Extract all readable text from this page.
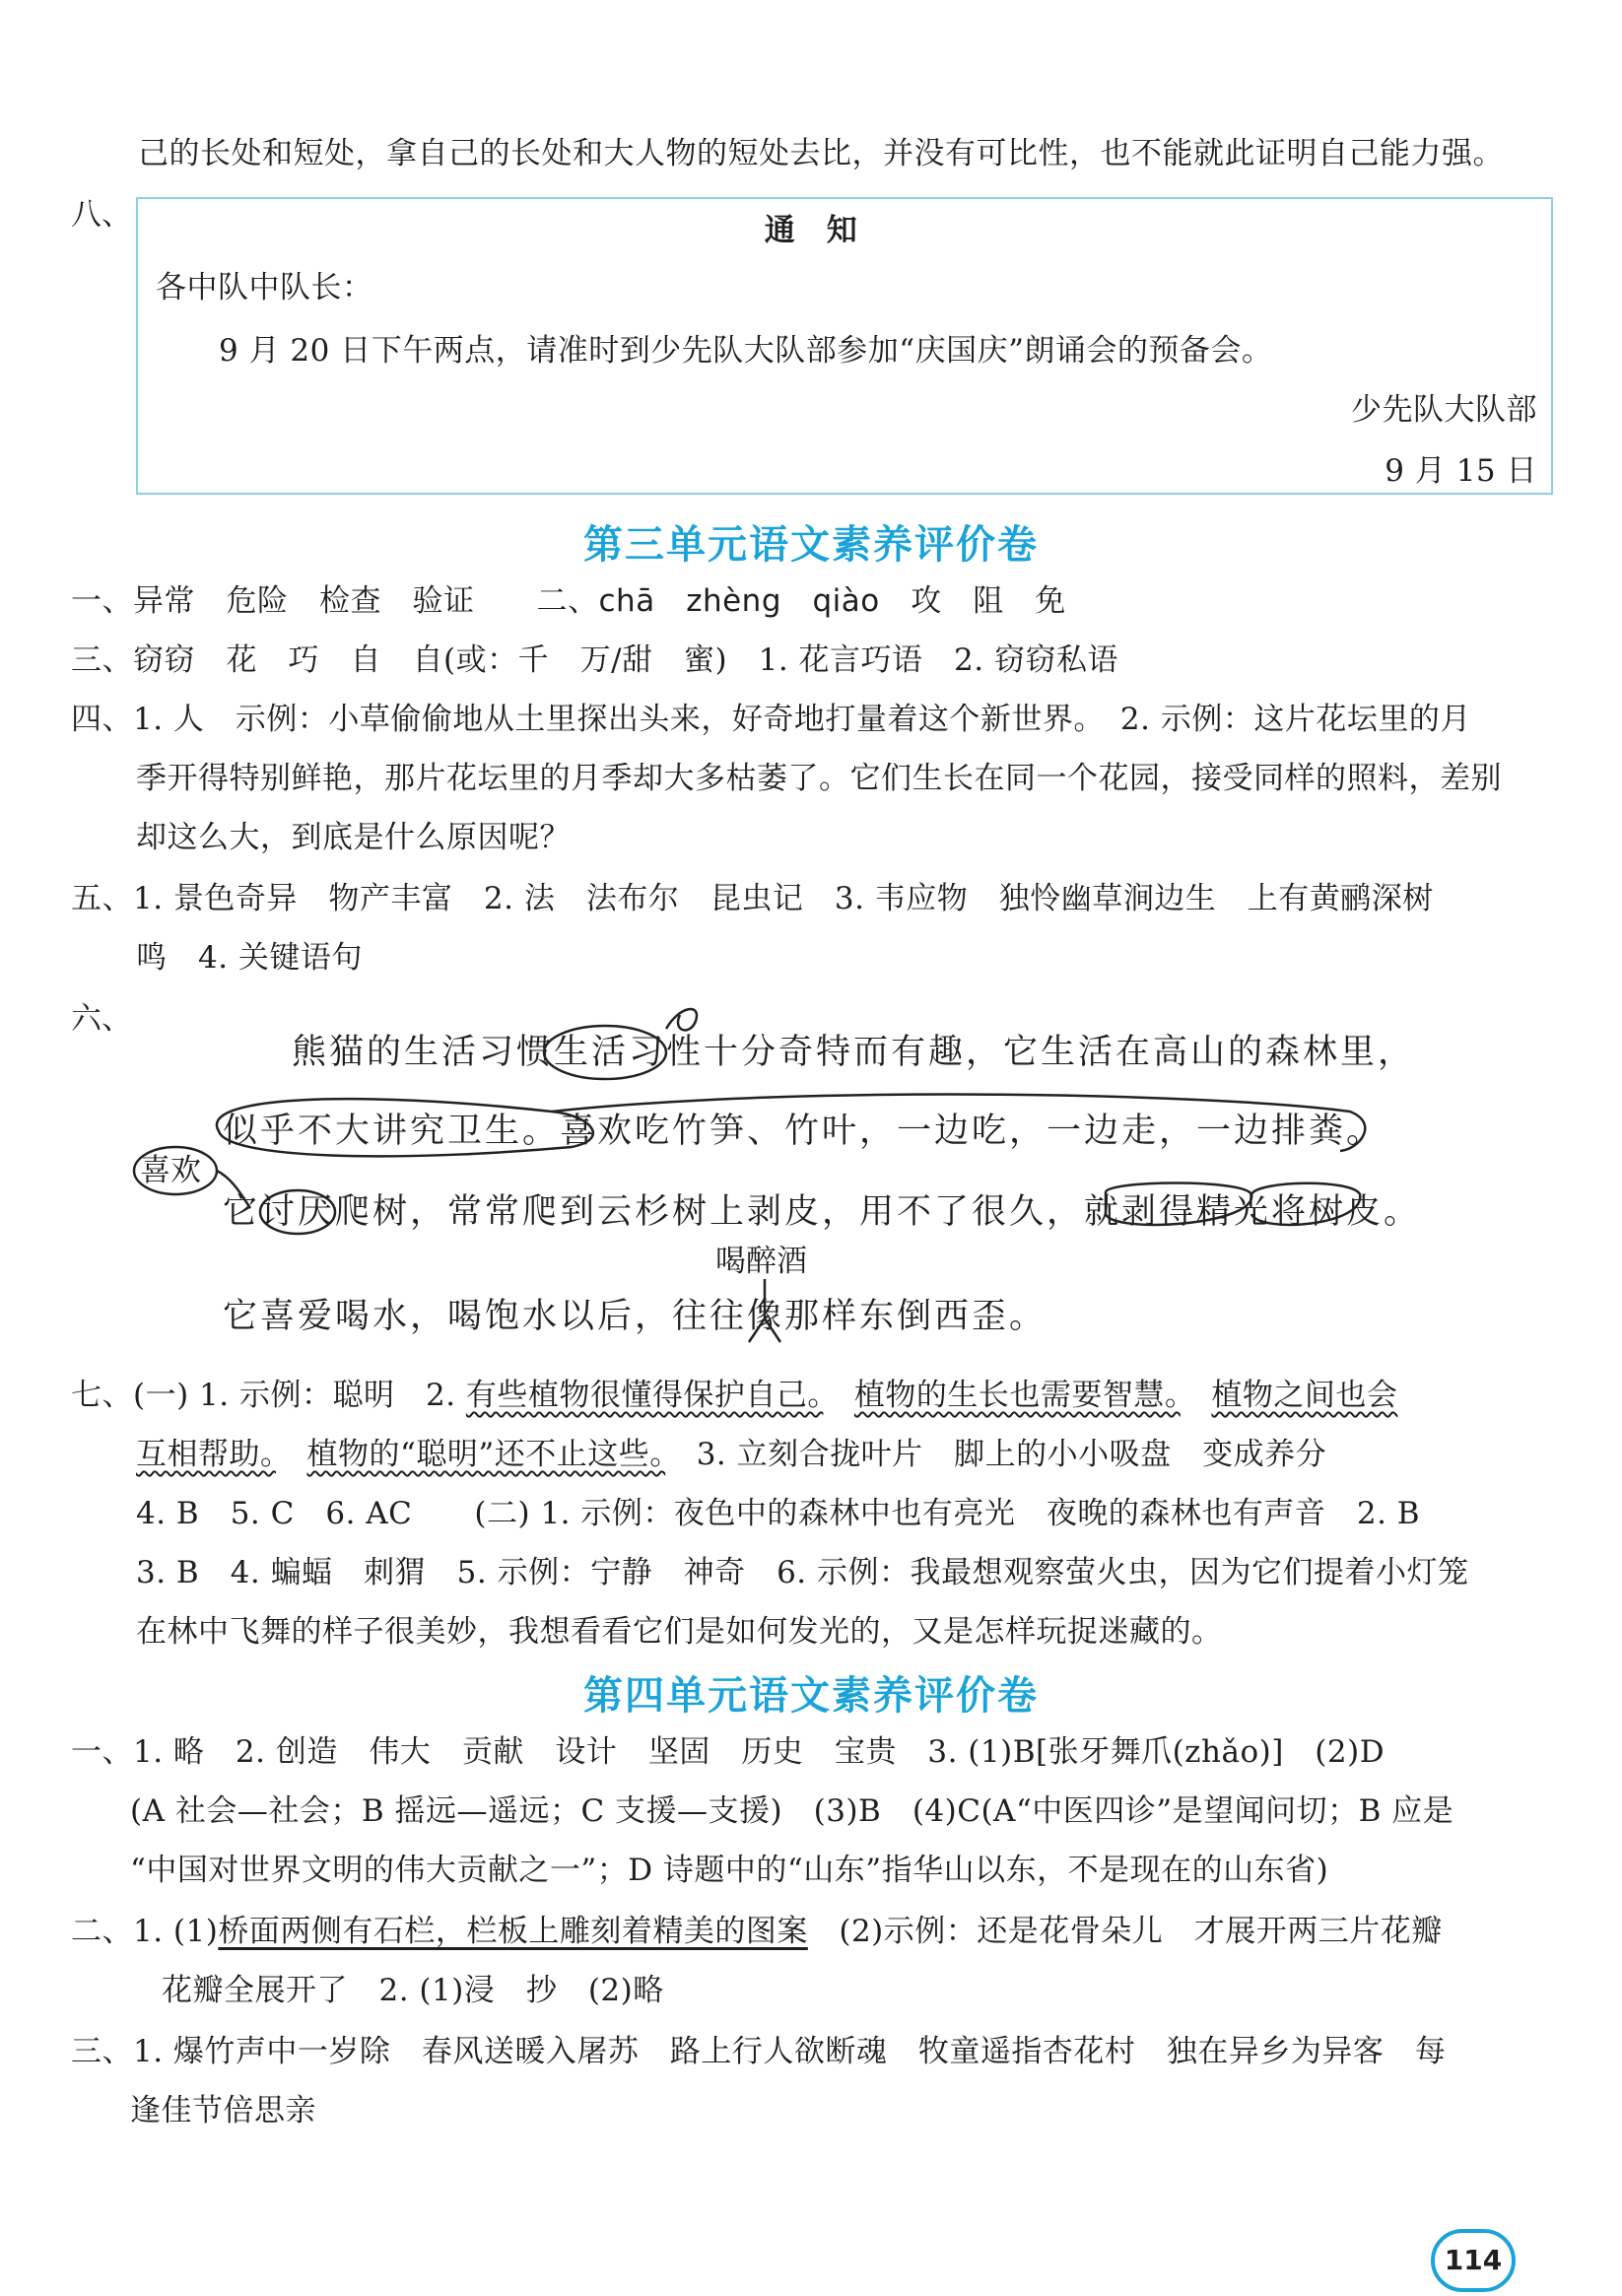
己的长处和短处，拿自己的长处和大人物的短处去比，并没有可比性，也不能就此证明自己能力强。
八、	通　知
各中队中队长：
9 月 20 日下午两点，请准时到少先队大队部参加“庆国庆”朗诵会的预备会。
少先队大队部
9 月 15 日
第三单元语文素养评价卷
一、异常　危险　检查　验证　　二、chā　zhèng　qiào　攻　阻　免
三、窃窃　花　巧　自　自(或：千　万/甜　蜜)　1. 花言巧语　2. 窃窃私语
四、1. 人　示例：小草偷偷地从土里探出头来，好奇地打量着这个新世界。　2. 示例：这片花坛里的月
季开得特别鲜艳，那片花坛里的月季却大多枯萎了。它们生长在同一个花园，接受同样的照料，差别
却这么大，到底是什么原因呢？
五、1. 景色奇异　物产丰富　2. 法　法布尔　昆虫记　3. 韦应物　独怜幽草涧边生　上有黄鹂深树
鸣　4. 关键语句
六、
熊猫的生活习惯生活习性十分奇特而有趣，它生活在高山的森林里，
似乎不大讲究卫生。喜欢吃竹笋、竹叶，一边吃，一边走，一边排粪。
喜欢
它讨厌爬树，常常爬到云杉树上剥皮，用不了很久，就剥得精光将树皮。
喝醉酒
它喜爱喝水，喝饱水以后，往往像那样东倒西歪。
七、(一) 1. 示例：聪明　2. 有些植物很懂得保护自己。　 植物的生长也需要智慧。　 植物之间也会
互相帮助。　 植物的“聪明”还不止这些。　3. 立刻合拢叶片　脚上的小小吸盘　变成养分
4. B　5. C　6. AC　　(二) 1. 示例：夜色中的森林中也有亮光　夜晚的森林也有声音　2. B
3. B　4. 蝙蝠　刺猬　5. 示例：宁静　神奇　6. 示例：我最想观察萤火虫，因为它们提着小灯笼
在林中飞舞的样子很美妙，我想看看它们是如何发光的，又是怎样玩捉迷藏的。
第四单元语文素养评价卷
一、1. 略　2. 创造　伟大　贡献　设计　坚固　历史　宝贵　3. (1)B[张牙舞爪(zhǎo)]　(2)D
(A 社会—社会；B 摇远—遥远；C 支援—支援)　(3)B　(4)C(A“中医四诊”是望闻问切；B 应是
“中国对世界文明的伟大贡献之一”；D 诗题中的“山东”指华山以东，不是现在的山东省)
二、1. (1)桥面两侧有石栏，栏板上雕刻着精美的图案　(2)示例：还是花骨朵儿　才展开两三片花瓣
花瓣全展开了　2. (1)浸　抄　(2)略
三、1. 爆竹声中一岁除　春风送暖入屠苏　路上行人欲断魂　牧童遥指杏花村　独在异乡为异客　每
逢佳节倍思亲
114
